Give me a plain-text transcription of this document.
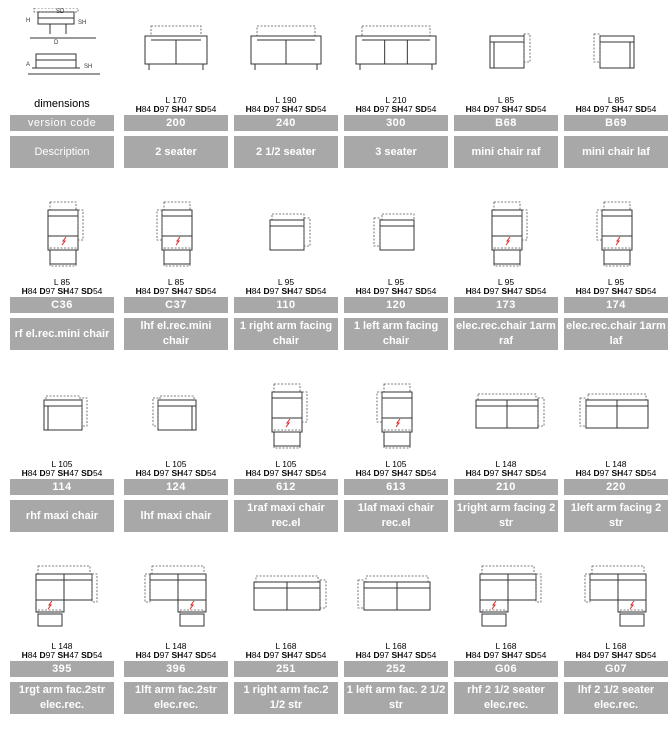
SD
H	SH
D
A	SH
dimensions
version code
Description
L 170
H84 D97 SH47 SD54
200
2 seater
L 190
H84 D97 SH47 SD54
240
2 1/2 seater
L 210
H84 D97 SH47 SD54
300
3 seater
L 85
H84 D97 SH47 SD54
B68
mini chair raf
L 85
H84 D97 SH47 SD54
B69
mini chair laf
L 85
H84 D97 SH47 SD54
C36
rf el.rec.mini chair
L 85
H84 D97 SH47 SD54
C37
lhf el.rec.mini chair
L 95
H84 D97 SH47 SD54
110
1 right arm facing chair
L 95
H84 D97 SH47 SD54
120
1 left arm facing chair
L 95
H84 D97 SH47 SD54
173
elec.rec.chair 1arm raf
L 95
H84 D97 SH47 SD54
174
elec.rec.chair 1arm laf
L 105
H84 D97 SH47 SD54
114
rhf maxi chair
L 105
H84 D97 SH47 SD54
124
lhf maxi chair
L 105
H84 D97 SH47 SD54
612
1raf maxi chair rec.el
L 105
H84 D97 SH47 SD54
613
1laf maxi chair rec.el
L 148
H84 D97 SH47 SD54
210
1right arm facing 2 str
L 148
H84 D97 SH47 SD54
220
1left arm facing 2 str
L 148
H84 D97 SH47 SD54
395
1rgt arm fac.2str elec.rec.
L 148
H84 D97 SH47 SD54
396
1lft arm fac.2str elec.rec.
L 168
H84 D97 SH47 SD54
251
1 right arm fac.2 1/2 str
L 168
H84 D97 SH47 SD54
252
1 left arm fac. 2 1/2 str
L 168
H84 D97 SH47 SD54
G06
rhf 2 1/2 seater elec.rec.
L 168
H84 D97 SH47 SD54
G07
lhf 2 1/2 seater elec.rec.
